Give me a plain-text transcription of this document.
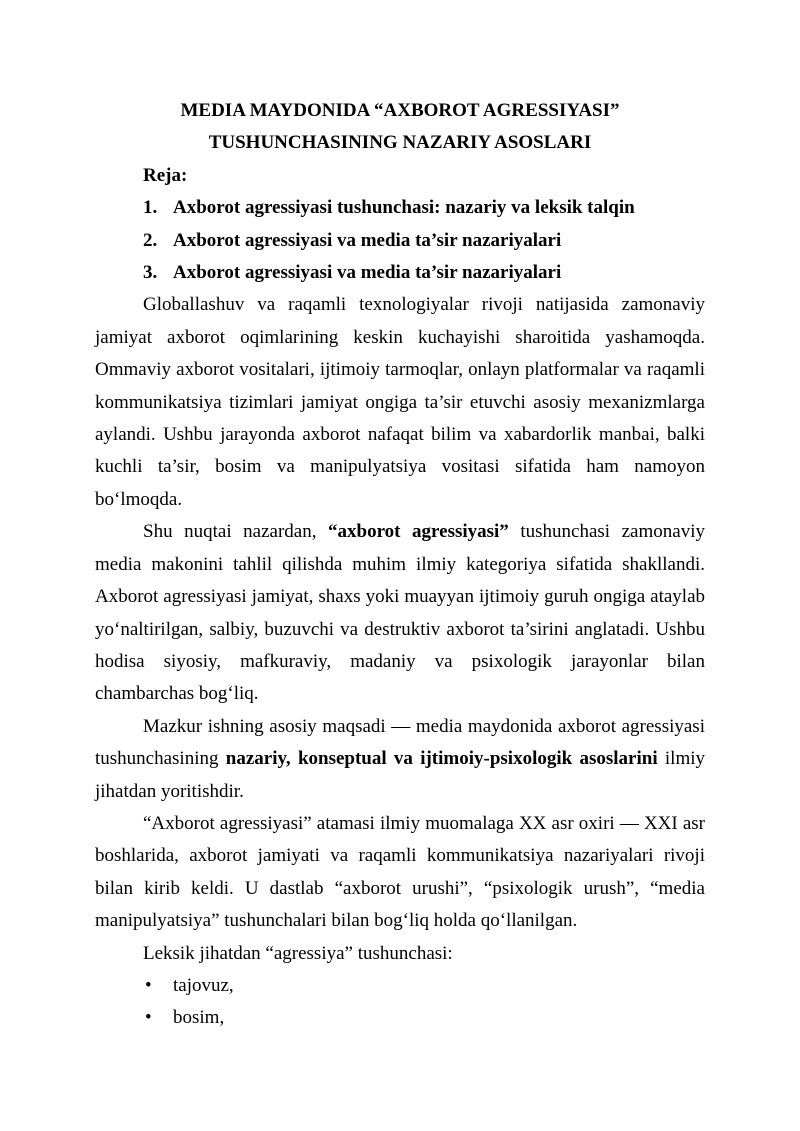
MEDIA MAYDONIDA “AXBOROT AGRESSIYASI”
TUSHUNCHASINING NAZARIY ASOSLARI

Reja:

1. Axborot agressiyasi tushunchasi: nazariy va leksik talqin
2. Axborot agressiyasi va media ta’sir nazariyalari
3. Axborot agressiyasi va media ta’sir nazariyalari

Globallashuv va raqamli texnologiyalar rivoji natijasida zamonaviy jamiyat axborot oqimlarining keskin kuchayishi sharoitida yashamoqda. Ommaviy axborot vositalari, ijtimoiy tarmoqlar, onlayn platformalar va raqamli kommunikatsiya tizimlari jamiyat ongiga ta’sir etuvchi asosiy mexanizmlarga aylandi. Ushbu jarayonda axborot nafaqat bilim va xabardorlik manbai, balki kuchli ta’sir, bosim va manipulyatsiya vositasi sifatida ham namoyon bo‘lmoqda.

Shu nuqtai nazardan, “axborot agressiyasi” tushunchasi zamonaviy media makonini tahlil qilishda muhim ilmiy kategoriya sifatida shakllandi. Axborot agressiyasi jamiyat, shaxs yoki muayyan ijtimoiy guruh ongiga ataylab yo‘naltirilgan, salbiy, buzuvchi va destruktiv axborot ta’sirini anglatadi. Ushbu hodisa siyosiy, mafkuraviy, madaniy va psixologik jarayonlar bilan chambarchas bog‘liq.

Mazkur ishning asosiy maqsadi — media maydonida axborot agressiyasi tushunchasining nazariy, konseptual va ijtimoiy-psixologik asoslarini ilmiy jihatdan yoritishdir.

“Axborot agressiyasi” atamasi ilmiy muomalaga XX asr oxiri — XXI asr boshlarida, axborot jamiyati va raqamli kommunikatsiya nazariyalari rivoji bilan kirib keldi. U dastlab “axborot urushi”, “psixologik urush”, “media manipulyatsiya” tushunchalari bilan bog‘liq holda qo‘llanilgan.

Leksik jihatdan “agressiya” tushunchasi:

•	tajovuz,
•	bosim,
